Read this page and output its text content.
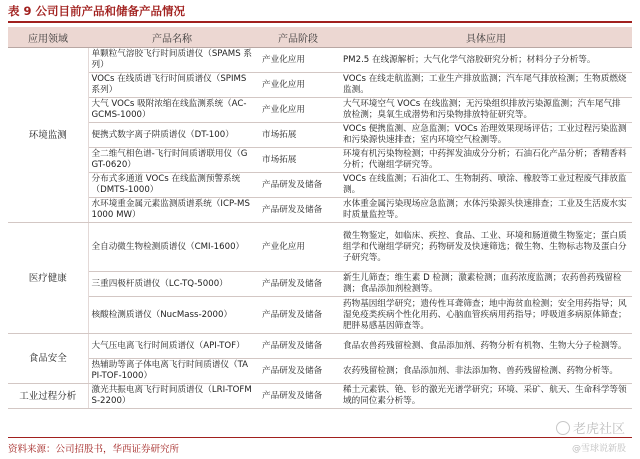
表 9 公司目前产品和储备产品情况
应用领域	产品名称	产品阶段	具体应用
环境监测	单颗粒气溶胶飞行时间质谱仪（SPAMS 系列）	产业化应用	PM2.5 在线源解析；大气化学气溶胶研究分析；材料分子分析等。
	VOCs 在线质谱飞行时间质谱仪（SPIMS 系列）	产业化应用	VOCs 在线走航监测；工业生产排放监测；汽车尾气排放检测；生物质燃烧监测。
	大气 VOCs 吸附浓缩在线监测系统（AC-GCMS-1000）	产业化应用	大气环境空气 VOCs 在线监测；无污染组织排放污染源监测；汽车尾气排放检测；臭氧生成潜势和污染物排放特征研究等。
	便携式数字离子阱质谱仪（DT-100）	市场拓展	VOCs 便携监测、应急监测；VOCs 治理效果现场评估；工业过程污染监测和污染源快速排查；室内环境空气检测等。
	全二维气相色谱-飞行时间质谱联用仪（GGT-0620）	市场拓展	环境有机污染物检测；中药挥发油成分分析；石油石化产品分析；香精香料分析；代谢组学研究等。
	分布式多通道 VOCs 在线监测预警系统（DMTS-1000）	产品研发及储备	VOCs 在线监测；石油化工、生物制药、喷涂、橡胶等工业过程废气排放监测。
	水环境重金属元素监测质谱系统（ICP-MS1000 MW）	产品研发及储备	水体重金属污染现场应急监测；水体污染源头快速排查；工业及生活废水实时质量监控等。
医疗健康	全自动微生物检测质谱仪（CMI-1600）	产业化应用	微生物鉴定，如临床、疾控、食品、工业、环境和肠道微生物鉴定；蛋白质组学和代谢组学研究；药物研发及快速筛选；微生物、生物标志物及蛋白分子研究等。
	三重四极杆质谱仪（LC-TQ-5000）	产品研发及储备	新生儿筛查；维生素 D 检测；激素检测；血药浓度监测；农药兽药残留检测；食品添加剂检测等。
	核酸检测质谱仪（NucMass-2000）	产品研发及储备	药物基因组学研究；遗传性耳聋筛查；地中海贫血检测；安全用药指导；风湿免疫类疾病个性化用药、心脑血管疾病用药指导；呼吸道多病原体筛查；肥胖易感基因筛查等。
食品安全	大气压电离飞行时间质谱仪（API-TOF）	产品研发及储备	食品农兽药残留检测、食品添加剂、药物分析有机物、生物大分子检测等。
	热辅助等离子体电离飞行时间质谱仪（TAPI-TOF-1000）	产品研发及储备	农药残留检测；食品添加剂、非法添加物、兽药残留检测、药物分析等。
工业过程分析	激光共振电离飞行时间质谱仪（LRI-TOFMS-2200）	产品研发及储备	稀土元素铁、铯、钐的激光光谱学研究；环境、采矿、航天、生命科学等领域的同位素分析等。
资料来源：公司招股书，华西证券研究所
老虎社区
@雪球说新股
